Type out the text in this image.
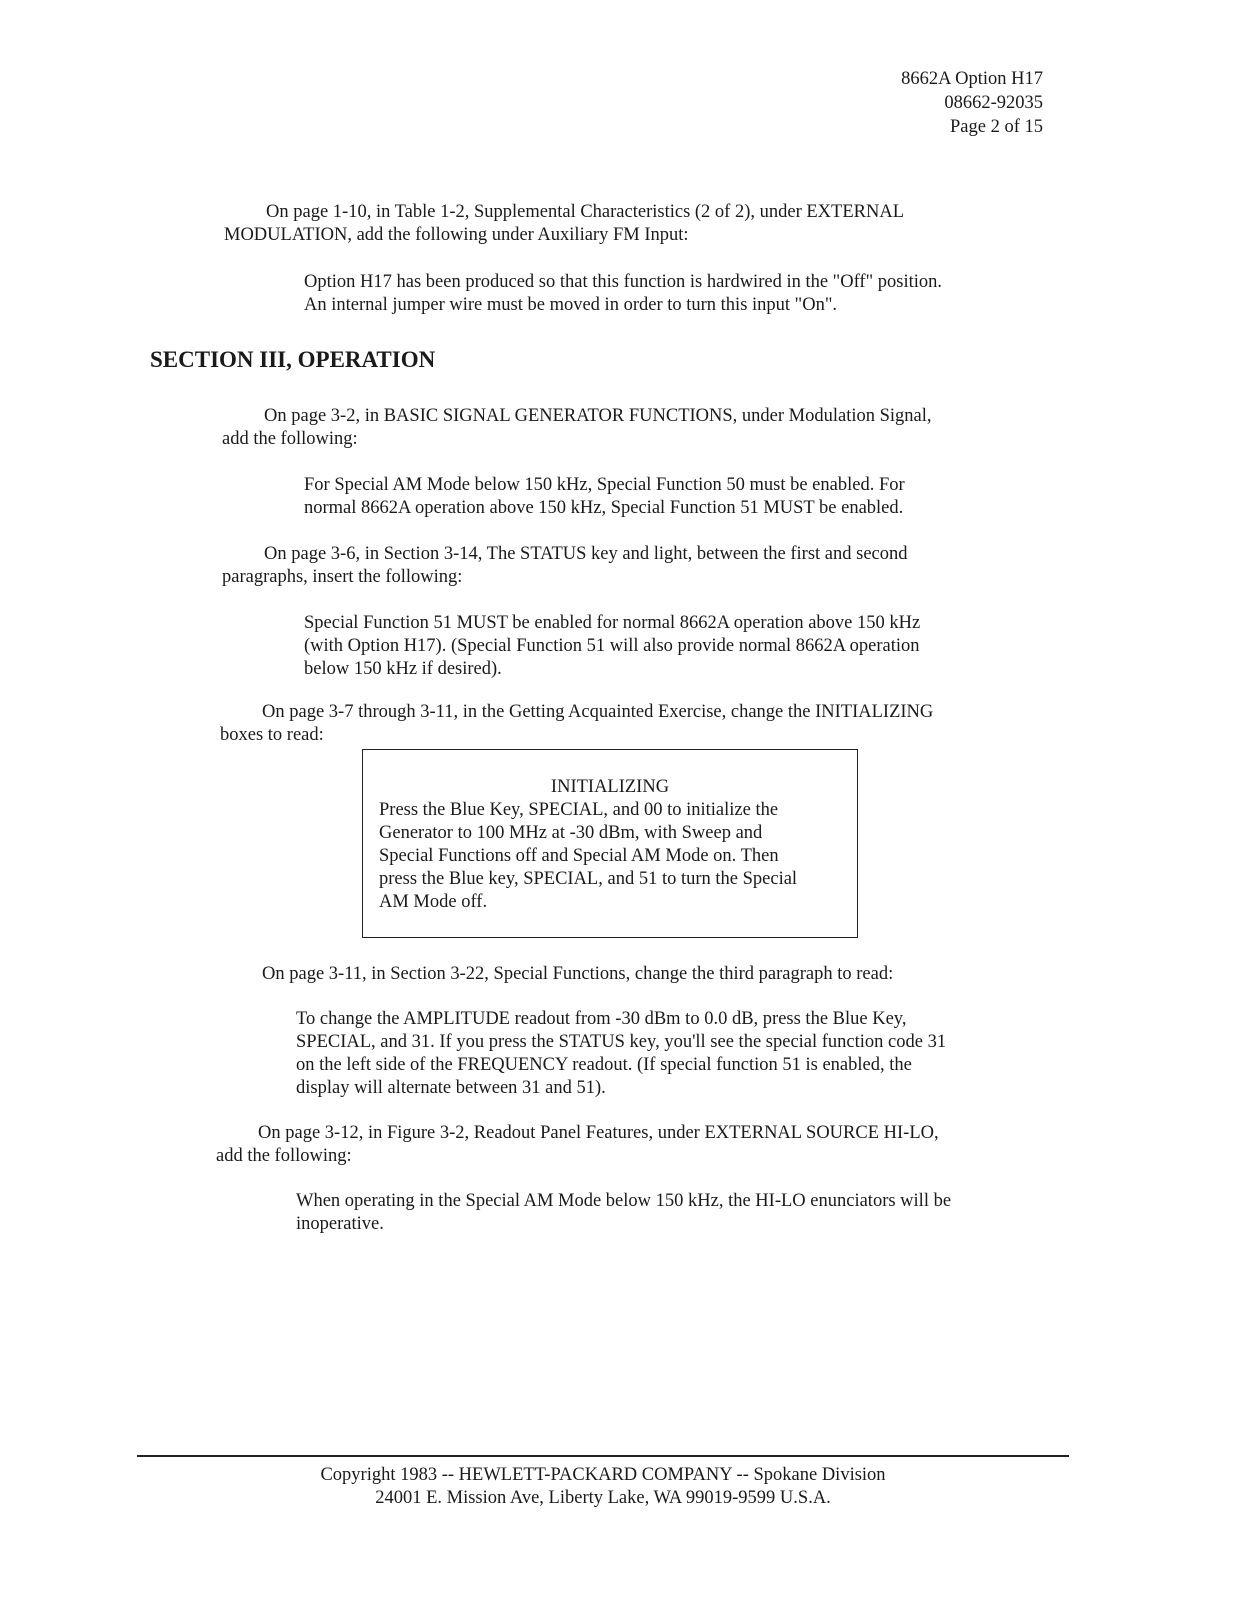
8662A Option H17
08662-92035
Page 2 of 15
On page 1-10, in Table 1-2, Supplemental Characteristics (2 of 2), under EXTERNAL
MODULATION, add the following under Auxiliary FM Input:
Option H17 has been produced so that this function is hardwired in the "Off" position.
An internal jumper wire must be moved in order to turn this input "On".
SECTION III, OPERATION
On page 3-2, in BASIC SIGNAL GENERATOR FUNCTIONS, under Modulation Signal,
add the following:
For Special AM Mode below 150 kHz, Special Function 50 must be enabled. For
normal 8662A operation above 150 kHz, Special Function 51 MUST be enabled.
On page 3-6, in Section 3-14, The STATUS key and light, between the first and second
paragraphs, insert the following:
Special Function 51 MUST be enabled for normal 8662A operation above 150 kHz
(with Option H17). (Special Function 51 will also provide normal 8662A operation
below 150 kHz if desired).
On page 3-7 through 3-11, in the Getting Acquainted Exercise, change the INITIALIZING
boxes to read:
INITIALIZING
Press the Blue Key, SPECIAL, and 00 to initialize the
Generator to 100 MHz at -30 dBm, with Sweep and
Special Functions off and Special AM Mode on. Then
press the Blue key, SPECIAL, and 51 to turn the Special
AM Mode off.
On page 3-11, in Section 3-22, Special Functions, change the third paragraph to read:
To change the AMPLITUDE readout from -30 dBm to 0.0 dB, press the Blue Key,
SPECIAL, and 31. If you press the STATUS key, you'll see the special function code 31
on the left side of the FREQUENCY readout. (If special function 51 is enabled, the
display will alternate between 31 and 51).
On page 3-12, in Figure 3-2, Readout Panel Features, under EXTERNAL SOURCE HI-LO,
add the following:
When operating in the Special AM Mode below 150 kHz, the HI-LO enunciators will be
inoperative.
Copyright 1983 -- HEWLETT-PACKARD COMPANY -- Spokane Division
24001 E. Mission Ave, Liberty Lake, WA 99019-9599 U.S.A.
